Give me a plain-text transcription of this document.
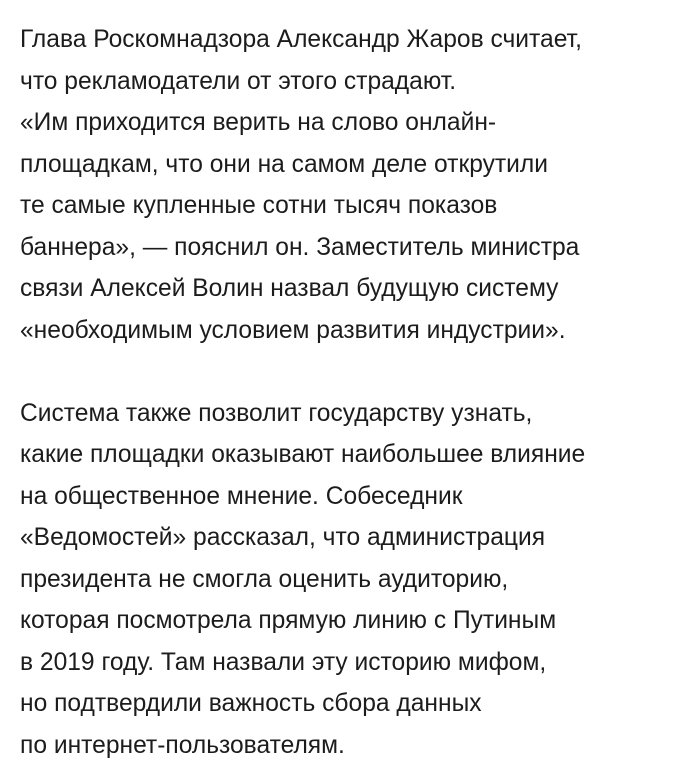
Глава Роскомнадзора Александр Жаров считает,
что рекламодатели от этого страдают.
«Им приходится верить на слово онлайн-
площадкам, что они на самом деле открутили
те самые купленные сотни тысяч показов
баннера», — пояснил он. Заместитель министра
связи Алексей Волин назвал будущую систему
«необходимым условием развития индустрии».

Система также позволит государству узнать,
какие площадки оказывают наибольшее влияние
на общественное мнение. Собеседник
«Ведомостей» рассказал, что администрация
президента не смогла оценить аудиторию,
которая посмотрела прямую линию с Путиным
в 2019 году. Там назвали эту историю мифом,
но подтвердили важность сбора данных
по интернет-пользователям.
